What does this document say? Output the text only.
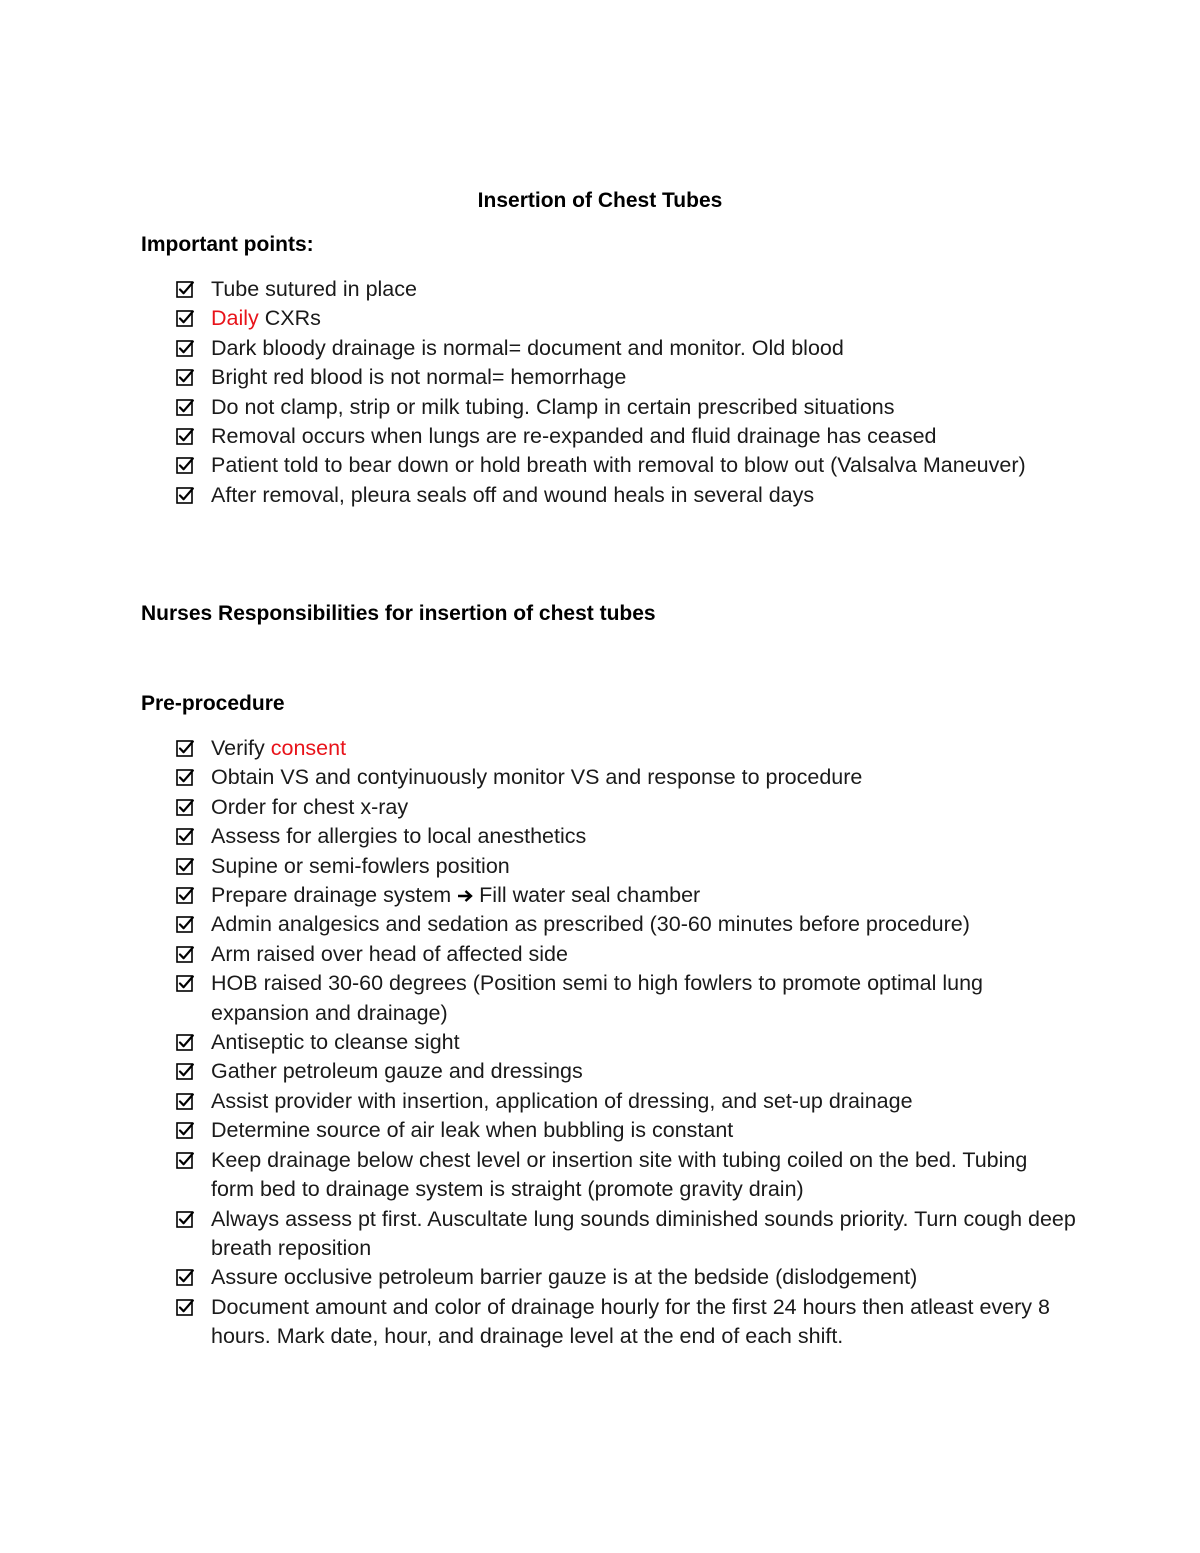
Insertion of Chest Tubes
Important points:
Tube sutured in place
Daily CXRs
Dark bloody drainage is normal= document and monitor. Old blood
Bright red blood is not normal= hemorrhage
Do not clamp, strip or milk tubing. Clamp in certain prescribed situations
Removal occurs when lungs are re-expanded and fluid drainage has ceased
Patient told to bear down or hold breath with removal to blow out (Valsalva Maneuver)
After removal, pleura seals off and wound heals in several days
Nurses Responsibilities for insertion of chest tubes
Pre-procedure
Verify consent
Obtain VS and contyinuously monitor VS and response to procedure
Order for chest x-ray
Assess for allergies to local anesthetics
Supine or semi-fowlers position
Prepare drainage system  Fill water seal chamber
Admin analgesics and sedation as prescribed (30-60 minutes before procedure)
Arm raised over head of affected side
HOB raised 30-60 degrees (Position semi to high fowlers to promote optimal lung expansion and drainage)
Antiseptic to cleanse sight
Gather petroleum gauze and dressings
Assist provider with insertion, application of dressing, and set-up drainage
Determine source of air leak when bubbling is constant
Keep drainage below chest level or insertion site with tubing coiled on the bed. Tubing form bed to drainage system is straight (promote gravity drain)
Always assess pt first. Auscultate lung sounds diminished sounds priority. Turn cough deep breath reposition
Assure occlusive petroleum barrier gauze is at the bedside (dislodgement)
Document amount and color of drainage hourly for the first 24 hours then atleast every 8 hours. Mark date, hour, and drainage level at the end of each shift.
